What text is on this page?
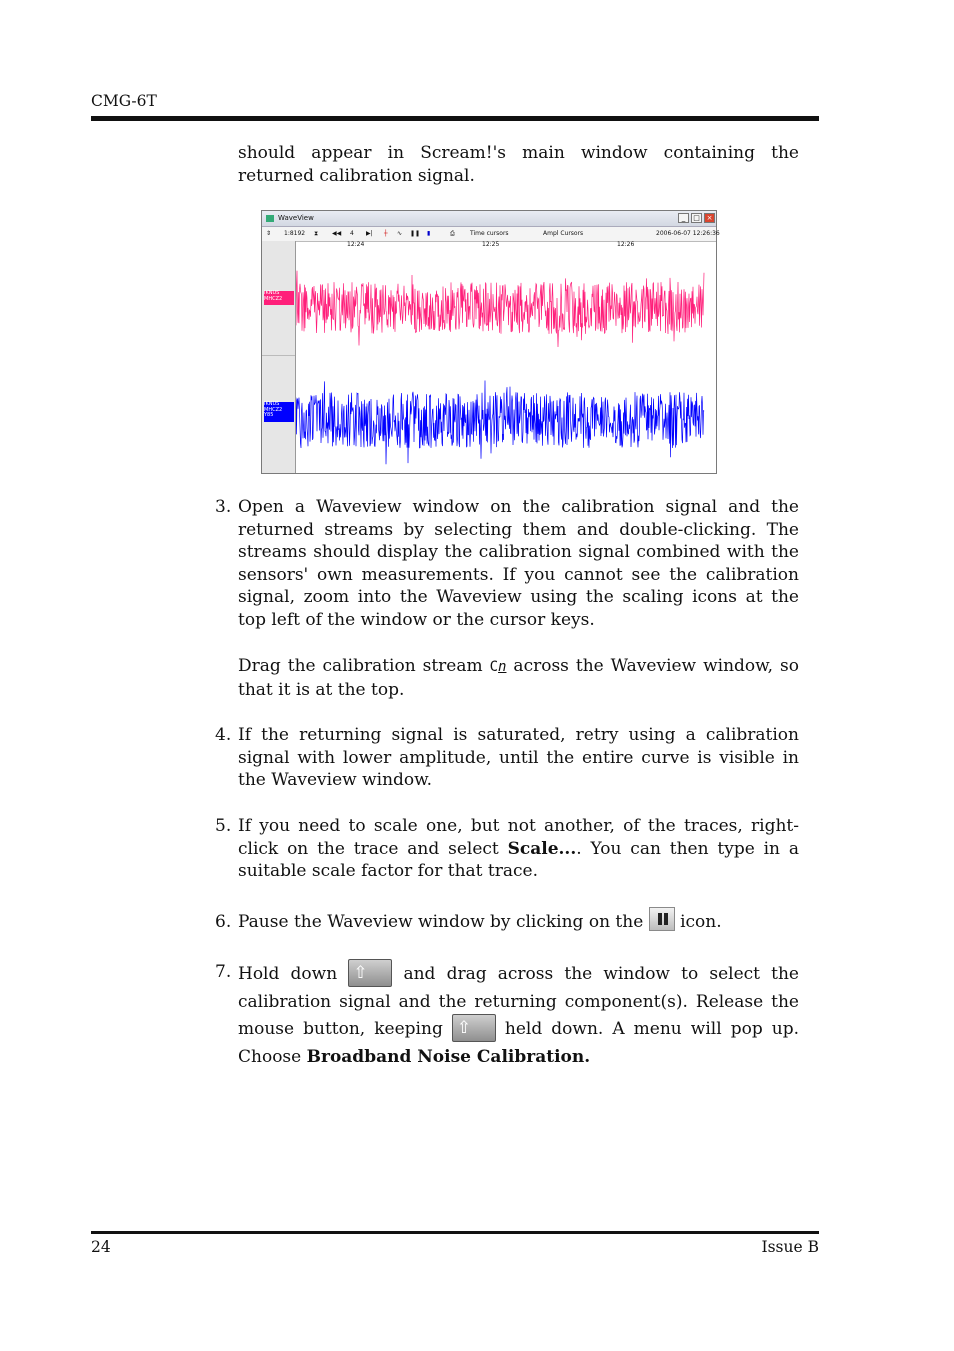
CMG-6T
should appear in Scream!'s main window containing the returned calibration signal.
WaveView	_	□ ×
⇕ 1:8192 ⧗ ◀◀ 4 ▶| ┼ ∿ ❚❚ ▮	⎙	Time cursors	Ampl Cursors	2006-06-07 12:26:36
12:24	12:25	12:26
IKNUS
MHCZ2
IKNUS
MHCZ2
Y85
3. Open a Waveview window on the calibration signal and the returned streams by selecting them and double-clicking. The streams should display the calibration signal combined with the sensors' own measurements. If you cannot see the calibration signal, zoom into the Waveview using the scaling icons at the top left of the window or the cursor keys.
Drag the calibration stream Cn across the Waveview window, so that it is at the top.
4. If the returning signal is saturated, retry using a calibration signal with lower amplitude, until the entire curve is visible in the Waveview window.
5. If you need to scale one, but not another, of the traces, right-click on the trace and select Scale.... You can then type in a suitable scale factor for that trace.
6. Pause the Waveview window by clicking on the  icon.
7. Hold down ⇧ and drag across the window to select the calibration signal and the returning component(s). Release the mouse button, keeping ⇧ held down. A menu will pop up. Choose Broadband Noise Calibration.
24	Issue B
